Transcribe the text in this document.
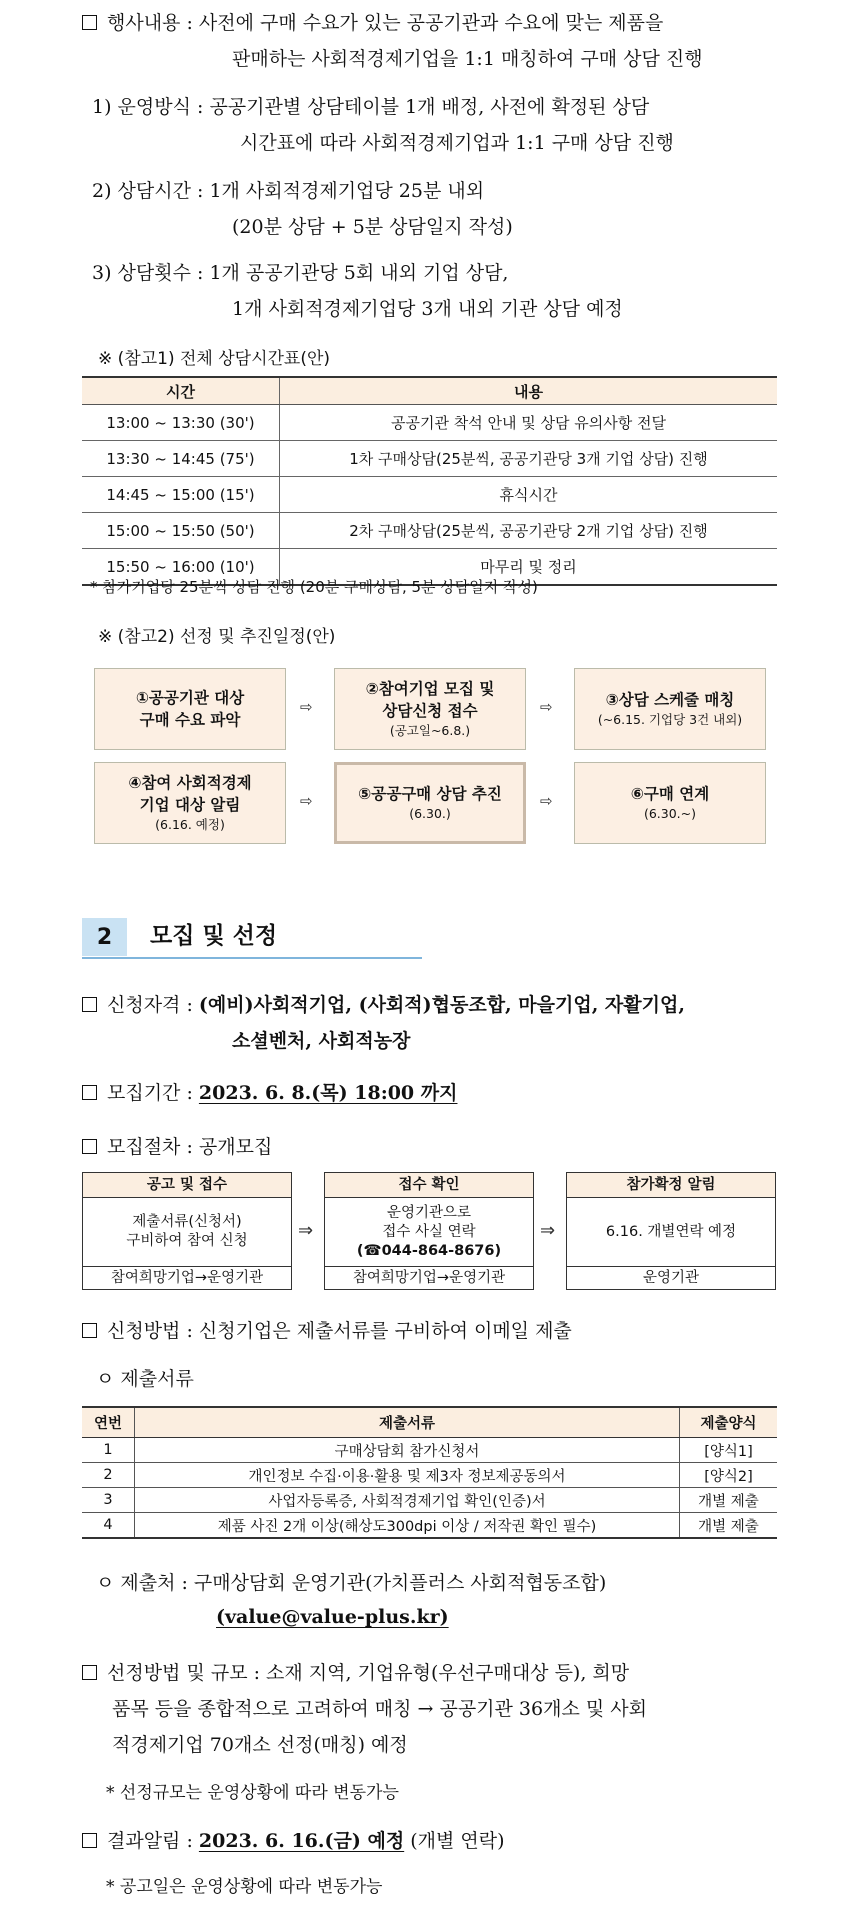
행사내용 : 사전에 구매 수요가 있는 공공기관과 수요에 맞는 제품을
판매하는 사회적경제기업을 1:1 매칭하여 구매 상담 진행
1) 운영방식 : 공공기관별 상담테이블 1개 배정, 사전에 확정된 상담
시간표에 따라 사회적경제기업과 1:1 구매 상담 진행
2) 상담시간 : 1개 사회적경제기업당 25분 내외
(20분 상담 + 5분 상담일지 작성)
3) 상담횟수 : 1개 공공기관당 5회 내외 기업 상담,
1개 사회적경제기업당 3개 내외 기관 상담 예정
※ (참고1) 전체 상담시간표(안)
시간	내용
13:00 ~ 13:30 (30')	공공기관 착석 안내 및 상담 유의사항 전달
13:30 ~ 14:45 (75')	1차 구매상담(25분씩, 공공기관당 3개 기업 상담) 진행
14:45 ~ 15:00 (15')	휴식시간
15:00 ~ 15:50 (50')	2차 구매상담(25분씩, 공공기관당 2개 기업 상담) 진행
15:50 ~ 16:00 (10')	마무리 및 정리
* 참가기업당 25분씩 상담 진행 (20분 구매상담, 5분 상담일지 작성)
※ (참고2) 선정 및 추진일정(안)
①공공기관 대상
구매 수요 파악
⇨
②참여기업 모집 및
상담신청 접수
(공고일~6.8.)
⇨	③상담 스케줄 매칭
(~6.15. 기업당 3건 내외)
④참여 사회적경제
기업 대상 알림
(6.16. 예정)
⇨	⑤공공구매 상담 추진
(6.30.)
⇨	⑥구매 연계
(6.30.~)
2	모집 및 선정
신청자격 : (예비)사회적기업, (사회적)협동조합, 마을기업, 자활기업,
소셜벤처, 사회적농장
모집기간 : 2023. 6. 8.(목) 18:00 까지
모집절차 : 공개모집
공고 및 접수
제출서류(신청서)
구비하여 참여 신청
참여희망기업→운영기관
⇒
접수 확인
운영기관으로
접수 사실 연락
(☎044-864-8676)
참여희망기업→운영기관
⇒
참가확정 알림
6.16. 개별연락 예정
운영기관
신청방법 : 신청기업은 제출서류를 구비하여 이메일 제출
ㅇ 제출서류
연번	제출서류	제출양식
1	구매상담회 참가신청서	[양식1]
2	개인정보 수집·이용·활용 및 제3자 정보제공동의서	[양식2]
3	사업자등록증, 사회적경제기업 확인(인증)서	개별 제출
4	제품 사진 2개 이상(해상도300dpi 이상 / 저작권 확인 필수)	개별 제출
ㅇ 제출처 : 구매상담회 운영기관(가치플러스 사회적협동조합)
(value@value-plus.kr)
선정방법 및 규모 : 소재 지역, 기업유형(우선구매대상 등), 희망
품목 등을 종합적으로 고려하여 매칭 → 공공기관 36개소 및 사회
적경제기업 70개소 선정(매칭) 예정
* 선정규모는 운영상황에 따라 변동가능
결과알림 : 2023. 6. 16.(금) 예정 (개별 연락)
* 공고일은 운영상황에 따라 변동가능
